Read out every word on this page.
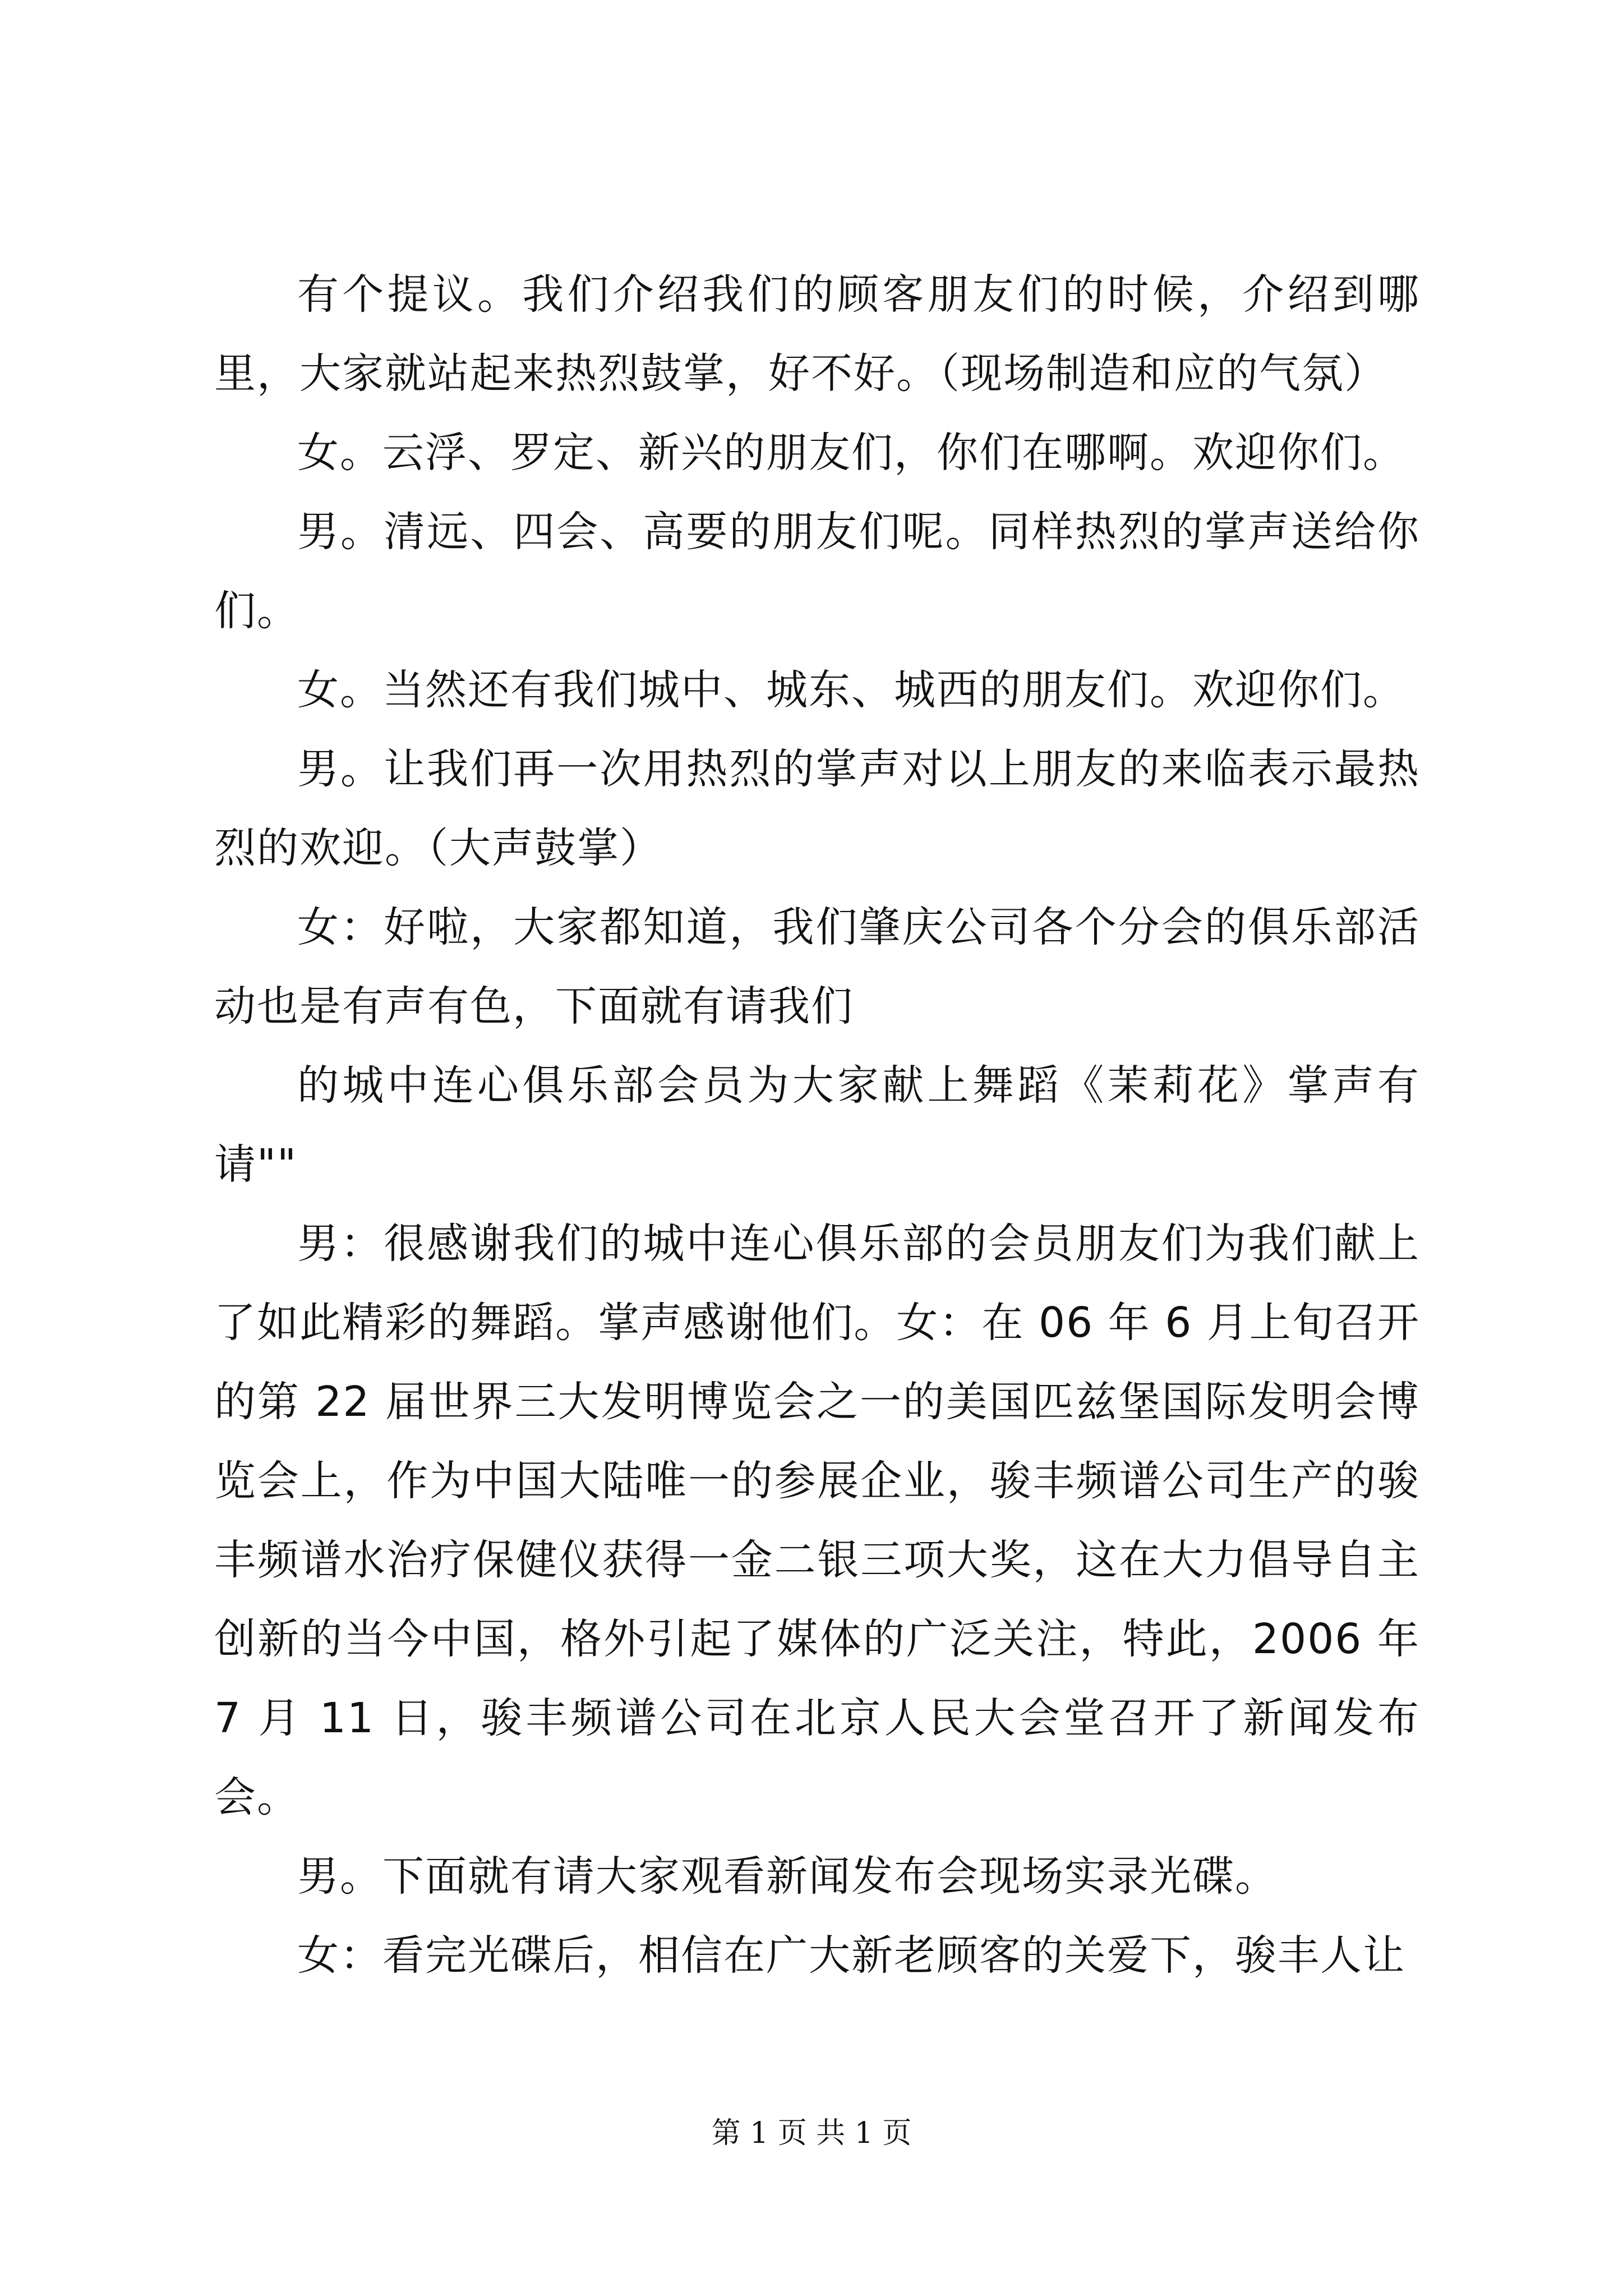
有个提议。我们介绍我们的顾客朋友们的时候，介绍到哪里，大家就站起来热烈鼓掌，好不好。（现场制造和应的气氛）

女。云浮、罗定、新兴的朋友们，你们在哪啊。欢迎你们。

男。清远、四会、高要的朋友们呢。同样热烈的掌声送给你们。

女。当然还有我们城中、城东、城西的朋友们。欢迎你们。

男。让我们再一次用热烈的掌声对以上朋友的来临表示最热烈的欢迎。（大声鼓掌）

女：好啦，大家都知道，我们肇庆公司各个分会的俱乐部活动也是有声有色，下面就有请我们

的城中连心俱乐部会员为大家献上舞蹈《茉莉花》掌声有请""

男：很感谢我们的城中连心俱乐部的会员朋友们为我们献上了如此精彩的舞蹈。掌声感谢他们。女：在 06 年 6 月上旬召开的第 22 届世界三大发明博览会之一的美国匹兹堡国际发明会博览会上，作为中国大陆唯一的参展企业，骏丰频谱公司生产的骏丰频谱水治疗保健仪获得一金二银三项大奖，这在大力倡导自主创新的当今中国，格外引起了媒体的广泛关注，特此，2006 年 7 月 11 日，骏丰频谱公司在北京人民大会堂召开了新闻发布会。

男。下面就有请大家观看新闻发布会现场实录光碟。

女：看完光碟后，相信在广大新老顾客的关爱下，骏丰人让

第 1 页 共 1 页
